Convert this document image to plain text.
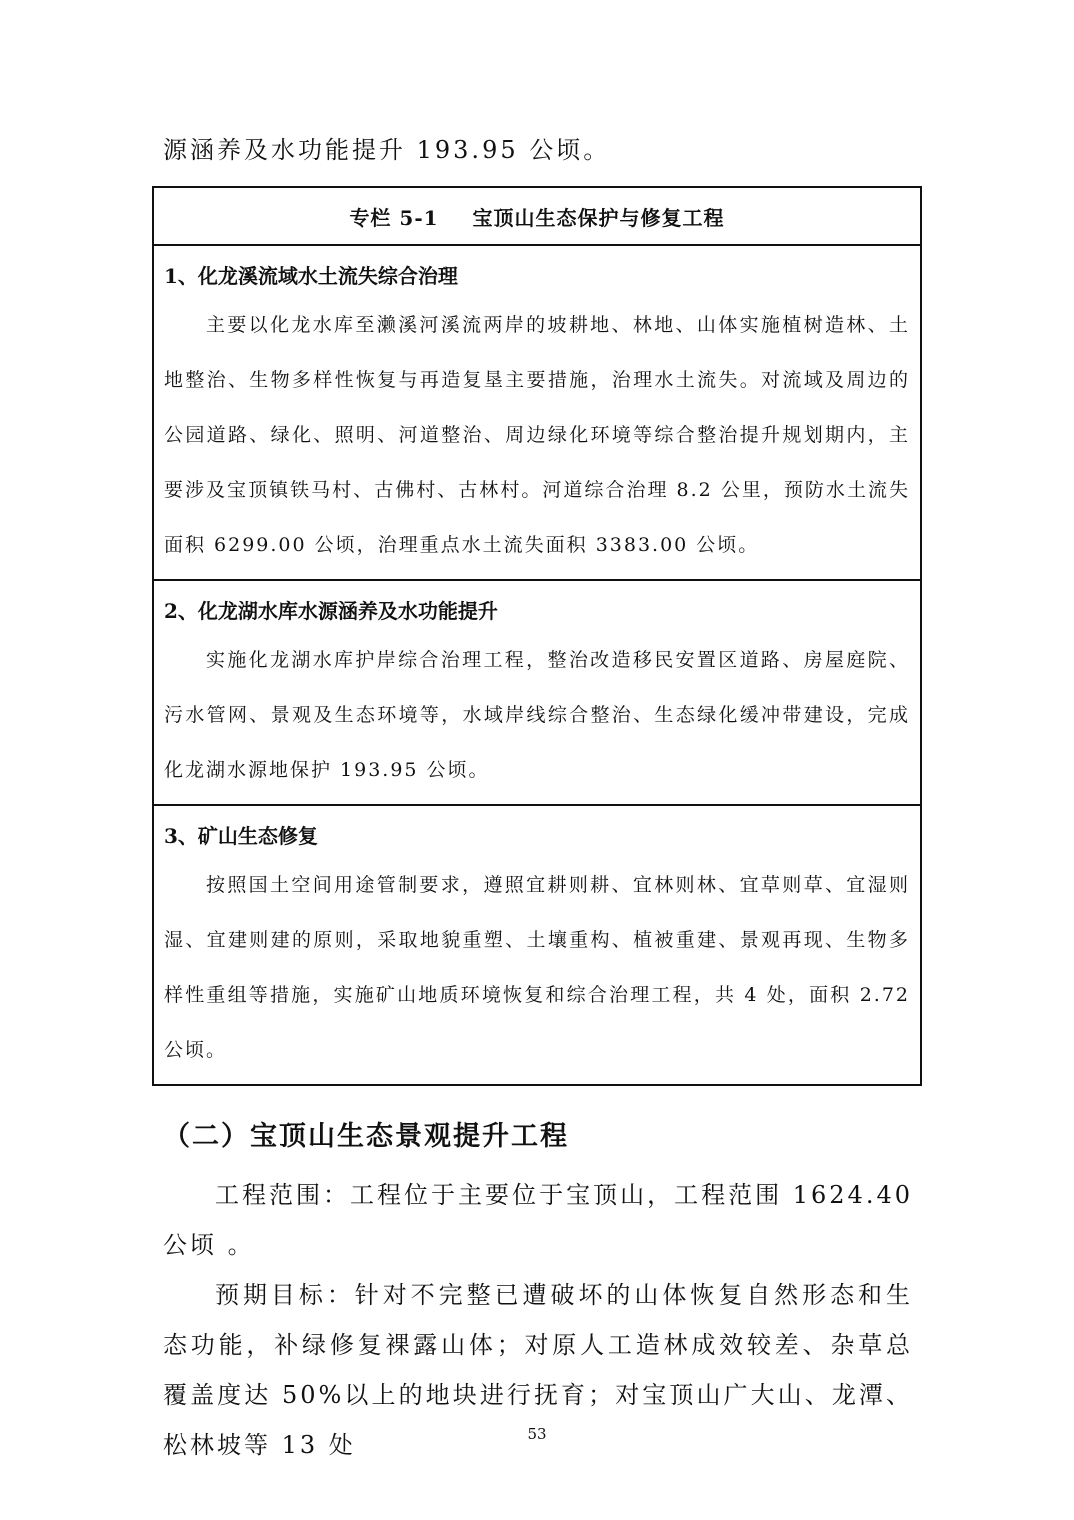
源涵养及水功能提升 193.95 公顷。

专栏 5-1 宝顶山生态保护与修复工程

1、化龙溪流域水土流失综合治理

主要以化龙水库至濑溪河溪流两岸的坡耕地、林地、山体实施植树造林、土地整治、生物多样性恢复与再造复垦主要措施，治理水土流失。对流域及周边的公园道路、绿化、照明、河道整治、周边绿化环境等综合整治提升规划期内，主要涉及宝顶镇铁马村、古佛村、古林村。河道综合治理 8.2 公里，预防水土流失面积 6299.00 公顷，治理重点水土流失面积 3383.00 公顷。

2、化龙湖水库水源涵养及水功能提升

实施化龙湖水库护岸综合治理工程，整治改造移民安置区道路、房屋庭院、污水管网、景观及生态环境等，水域岸线综合整治、生态绿化缓冲带建设，完成化龙湖水源地保护 193.95 公顷。

3、矿山生态修复

按照国土空间用途管制要求，遵照宜耕则耕、宜林则林、宜草则草、宜湿则湿、宜建则建的原则，采取地貌重塑、土壤重构、植被重建、景观再现、生物多样性重组等措施，实施矿山地质环境恢复和综合治理工程，共 4 处，面积 2.72 公顷。

（二）宝顶山生态景观提升工程

工程范围：工程位于主要位于宝顶山，工程范围 1624.40 公顷 。

预期目标：针对不完整已遭破坏的山体恢复自然形态和生态功能，补绿修复裸露山体；对原人工造林成效较差、杂草总覆盖度达 50%以上的地块进行抚育；对宝顶山广大山、龙潭、松林坡等 13 处	53
